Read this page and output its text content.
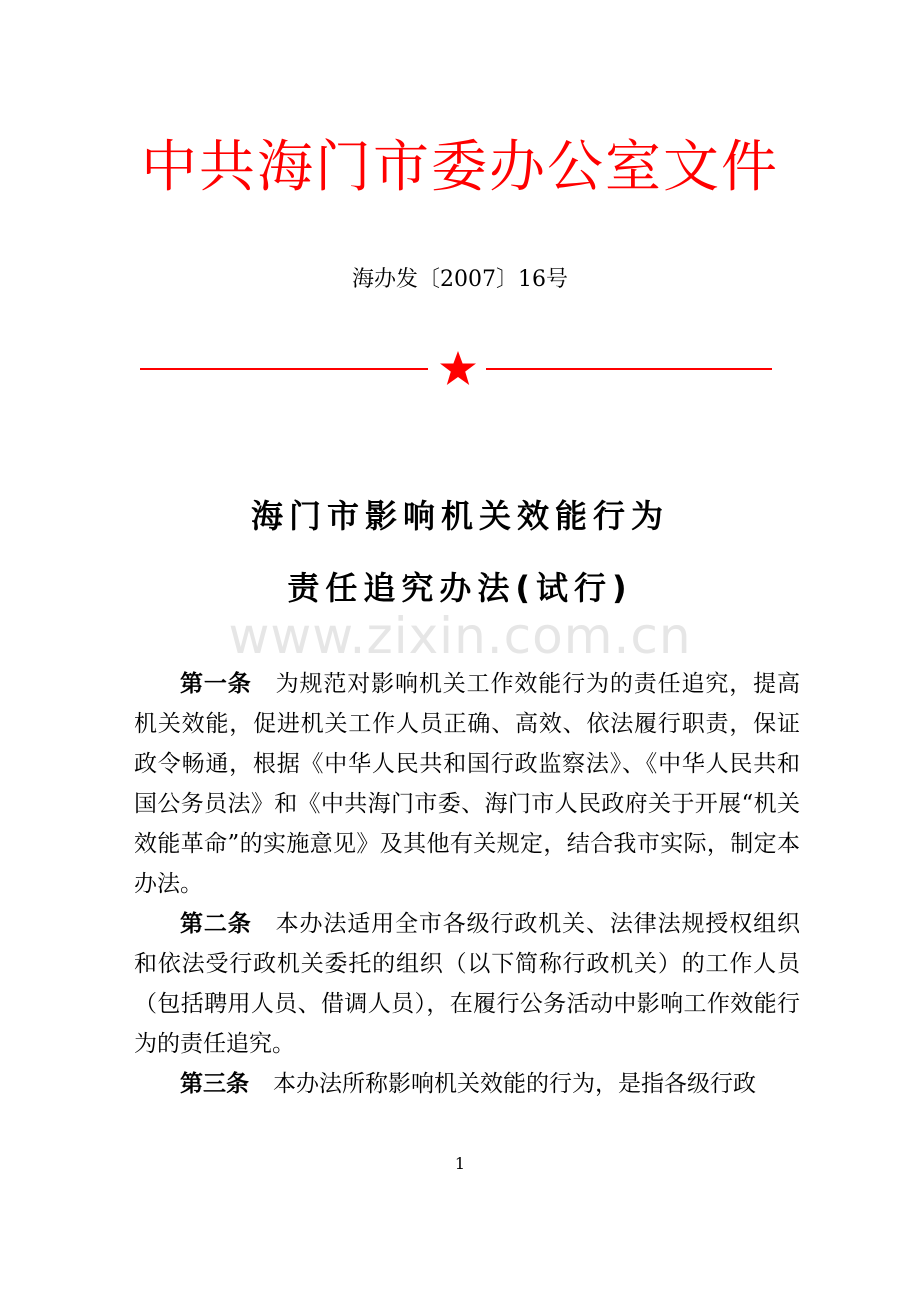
中共海门市委办公室文件
海办发〔2007〕16号
海门市影响机关效能行为
责任追究办法(试行)
www.zixin.com.cn

第一条 为规范对影响机关工作效能行为的责任追究，提高机关效能，促进机关工作人员正确、高效、依法履行职责，保证政令畅通，根据《中华人民共和国行政监察法》、《中华人民共和国公务员法》和《中共海门市委、海门市人民政府关于开展“机关效能革命”的实施意见》及其他有关规定，结合我市实际，制定本办法。

第二条 本办法适用全市各级行政机关、法律法规授权组织和依法受行政机关委托的组织（以下简称行政机关）的工作人员（包括聘用人员、借调人员），在履行公务活动中影响工作效能行为的责任追究。

第三条 本办法所称影响机关效能的行为，是指各级行政

1
